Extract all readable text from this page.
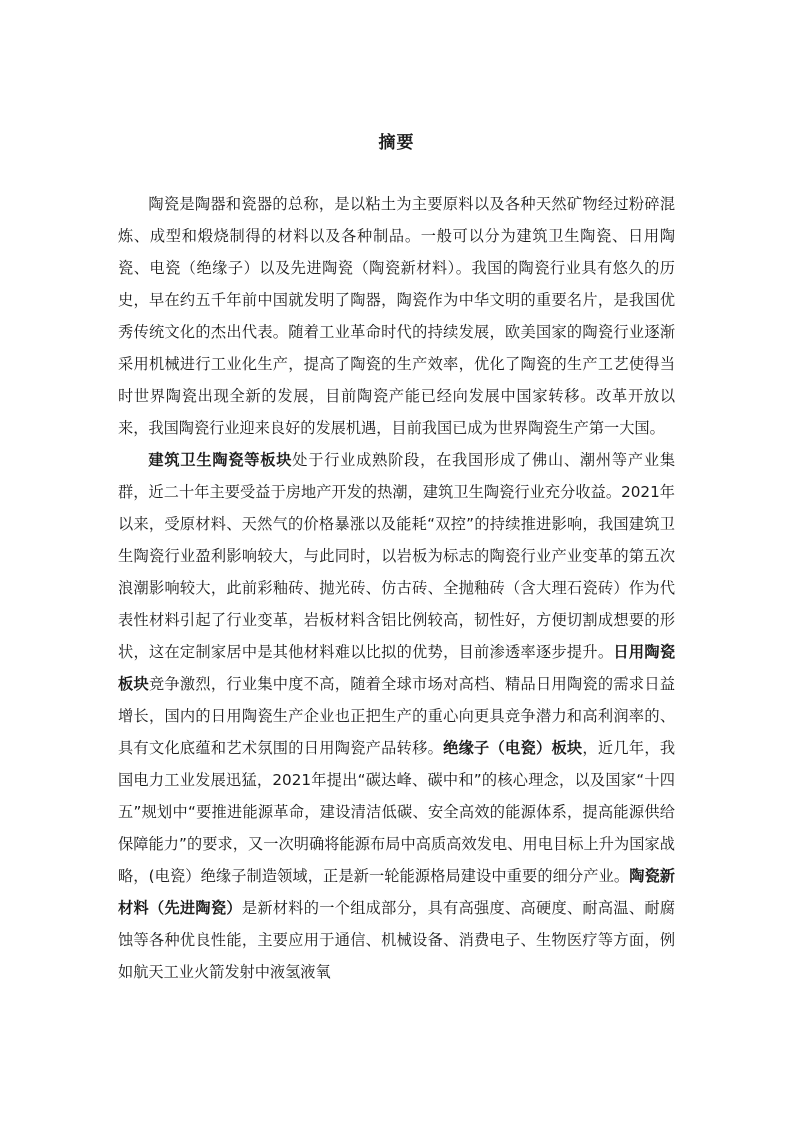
摘要

陶瓷是陶器和瓷器的总称，是以粘土为主要原料以及各种天然矿物经过粉碎混炼、成型和煅烧制得的材料以及各种制品。一般可以分为建筑卫生陶瓷、日用陶瓷、电瓷（绝缘子）以及先进陶瓷（陶瓷新材料）。我国的陶瓷行业具有悠久的历史，早在约五千年前中国就发明了陶器，陶瓷作为中华文明的重要名片，是我国优秀传统文化的杰出代表。随着工业革命时代的持续发展，欧美国家的陶瓷行业逐渐采用机械进行工业化生产，提高了陶瓷的生产效率，优化了陶瓷的生产工艺使得当时世界陶瓷出现全新的发展，目前陶瓷产能已经向发展中国家转移。改革开放以来，我国陶瓷行业迎来良好的发展机遇，目前我国已成为世界陶瓷生产第一大国。

建筑卫生陶瓷等板块处于行业成熟阶段，在我国形成了佛山、潮州等产业集群，近二十年主要受益于房地产开发的热潮，建筑卫生陶瓷行业充分收益。2021年以来，受原材料、天然气的价格暴涨以及能耗“双控”的持续推进影响，我国建筑卫生陶瓷行业盈利影响较大，与此同时，以岩板为标志的陶瓷行业产业变革的第五次浪潮影响较大，此前彩釉砖、抛光砖、仿古砖、全抛釉砖（含大理石瓷砖）作为代表性材料引起了行业变革，岩板材料含铝比例较高，韧性好，方便切割成想要的形状，这在定制家居中是其他材料难以比拟的优势，目前渗透率逐步提升。日用陶瓷板块竞争激烈，行业集中度不高，随着全球市场对高档、精品日用陶瓷的需求日益增长，国内的日用陶瓷生产企业也正把生产的重心向更具竞争潜力和高利润率的、具有文化底蕴和艺术氛围的日用陶瓷产品转移。绝缘子（电瓷）板块，近几年，我国电力工业发展迅猛，2021年提出“碳达峰、碳中和”的核心理念，以及国家“十四五”规划中“要推进能源革命，建设清洁低碳、安全高效的能源体系，提高能源供给保障能力”的要求，又一次明确将能源布局中高质高效发电、用电目标上升为国家战略，(电瓷）绝缘子制造领域，正是新一轮能源格局建设中重要的细分产业。陶瓷新材料（先进陶瓷）是新材料的一个组成部分，具有高强度、高硬度、耐高温、耐腐蚀等各种优良性能，主要应用于通信、机械设备、消费电子、生物医疗等方面，例如航天工业火箭发射中液氢液氧
